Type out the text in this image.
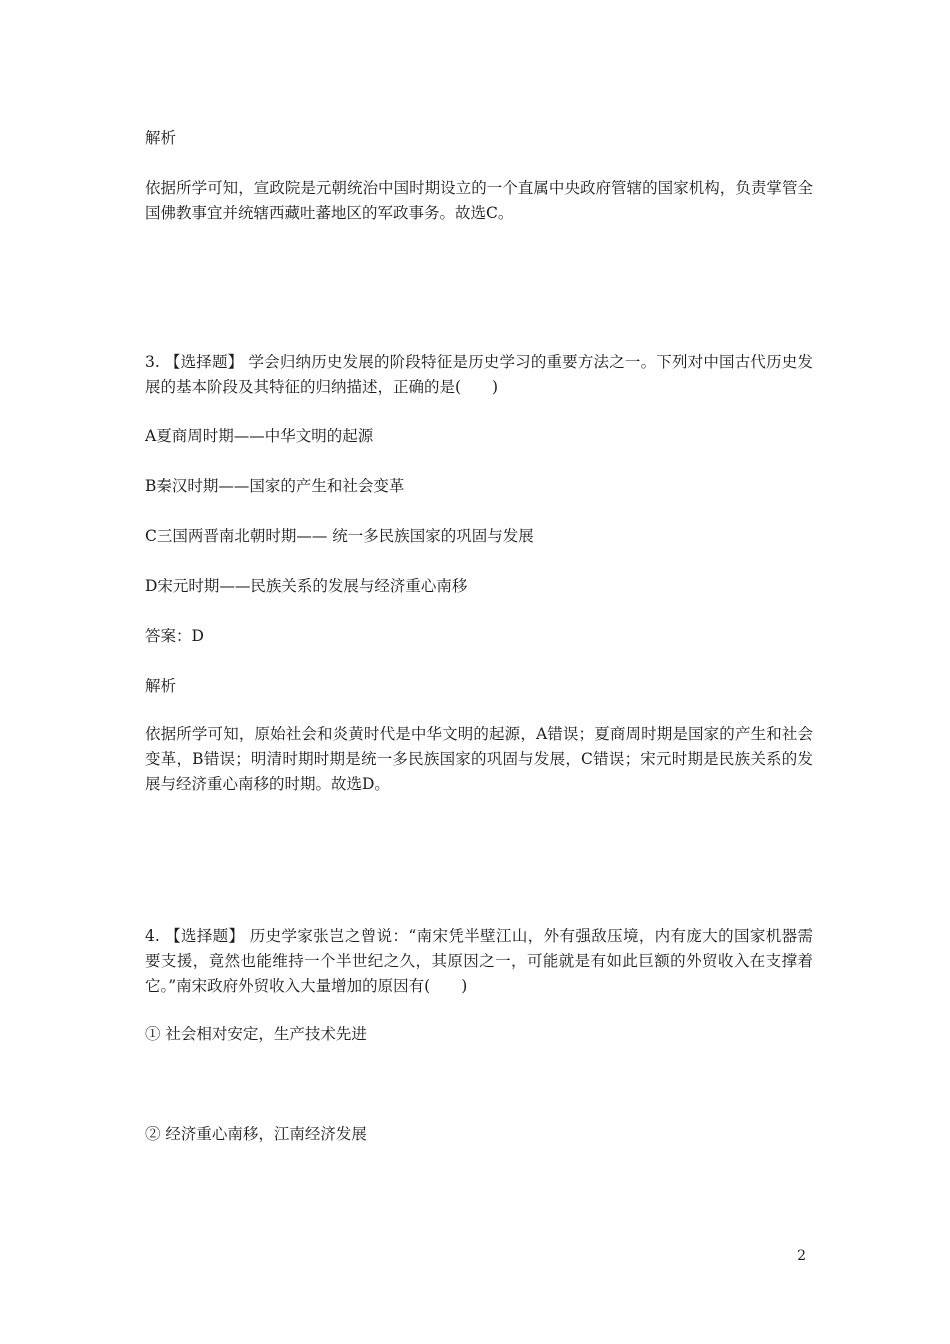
解析
依据所学可知，宣政院是元朝统治中国时期设立的一个直属中央政府管辖的国家机构，负责掌管全国佛教事宜并统辖西藏吐蕃地区的军政事务。故选C。
3. 【选择题】 学会归纳历史发展的阶段特征是历史学习的重要方法之一。下列对中国古代历史发展的基本阶段及其特征的归纳描述，正确的是(　　)
A夏商周时期——中华文明的起源
B秦汉时期——国家的产生和社会变革
C三国两晋南北朝时期—— 统一多民族国家的巩固与发展
D宋元时期——民族关系的发展与经济重心南移
答案：D
解析
依据所学可知，原始社会和炎黄时代是中华文明的起源，A错误；夏商周时期是国家的产生和社会变革，B错误；明清时期时期是统一多民族国家的巩固与发展，C错误；宋元时期是民族关系的发展与经济重心南移的时期。故选D。
4. 【选择题】 历史学家张岂之曾说：“南宋凭半壁江山，外有强敌压境，内有庞大的国家机器需要支援，竟然也能维持一个半世纪之久，其原因之一，可能就是有如此巨额的外贸收入在支撑着它。”南宋政府外贸收入大量增加的原因有(　　)
① 社会相对安定，生产技术先进
② 经济重心南移，江南经济发展
2
